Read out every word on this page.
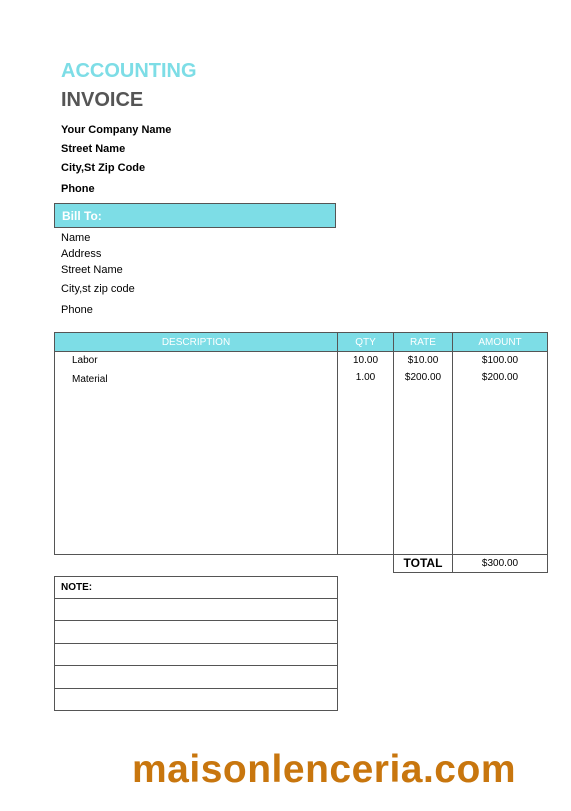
ACCOUNTING
INVOICE
Your Company Name
Street Name
City,St Zip Code
Phone
Bill To:
Name
Address
Street Name
City,st zip code
Phone
DESCRIPTION	QTY	RATE	AMOUNT
Labor	10.00	$10.00	$100.00
Material	1.00	$200.00	$200.00
TOTAL	$300.00
NOTE:
maisonlenceria.com
